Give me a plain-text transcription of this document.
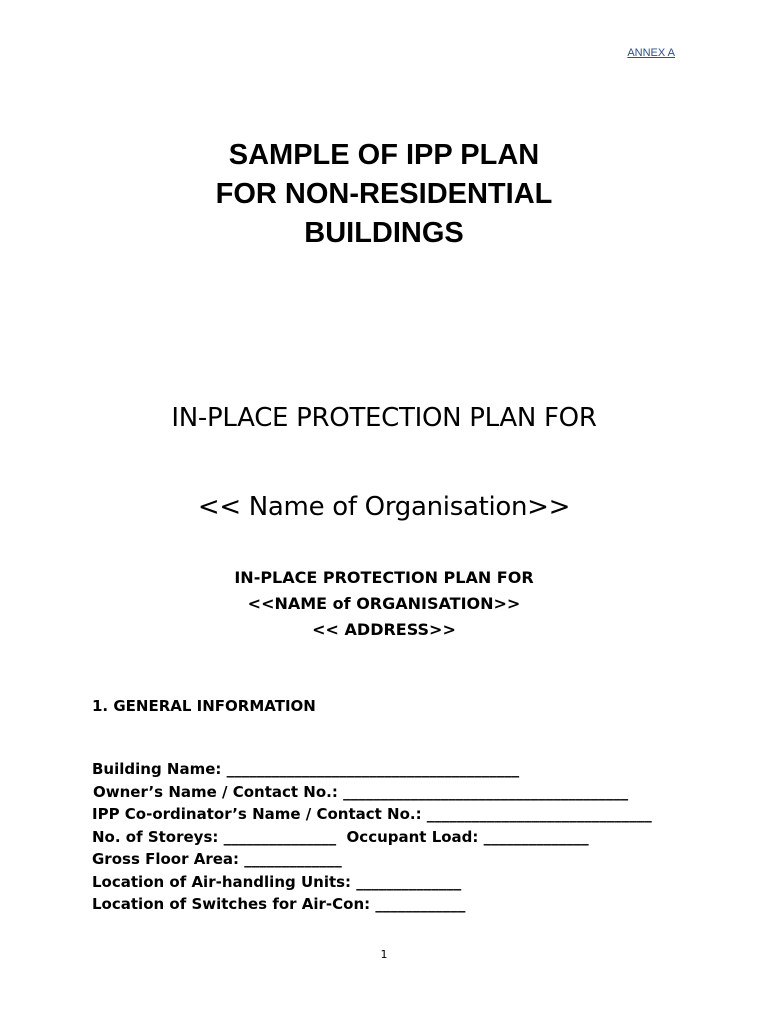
ANNEX A
SAMPLE OF IPP PLAN
FOR NON-RESIDENTIAL
BUILDINGS
IN-PLACE PROTECTION PLAN FOR
<< Name of Organisation>>
IN-PLACE PROTECTION PLAN FOR
<<NAME of ORGANISATION>>
<< ADDRESS>>
1. GENERAL INFORMATION
Building Name: _______________________________________
Owner’s Name / Contact No.: ______________________________________
IPP Co-ordinator’s Name / Contact No.: ______________________________
No. of Storeys: _______________  Occupant Load: ______________
Gross Floor Area: _____________
Location of Air-handling Units: ______________
Location of Switches for Air-Con: ____________
1
